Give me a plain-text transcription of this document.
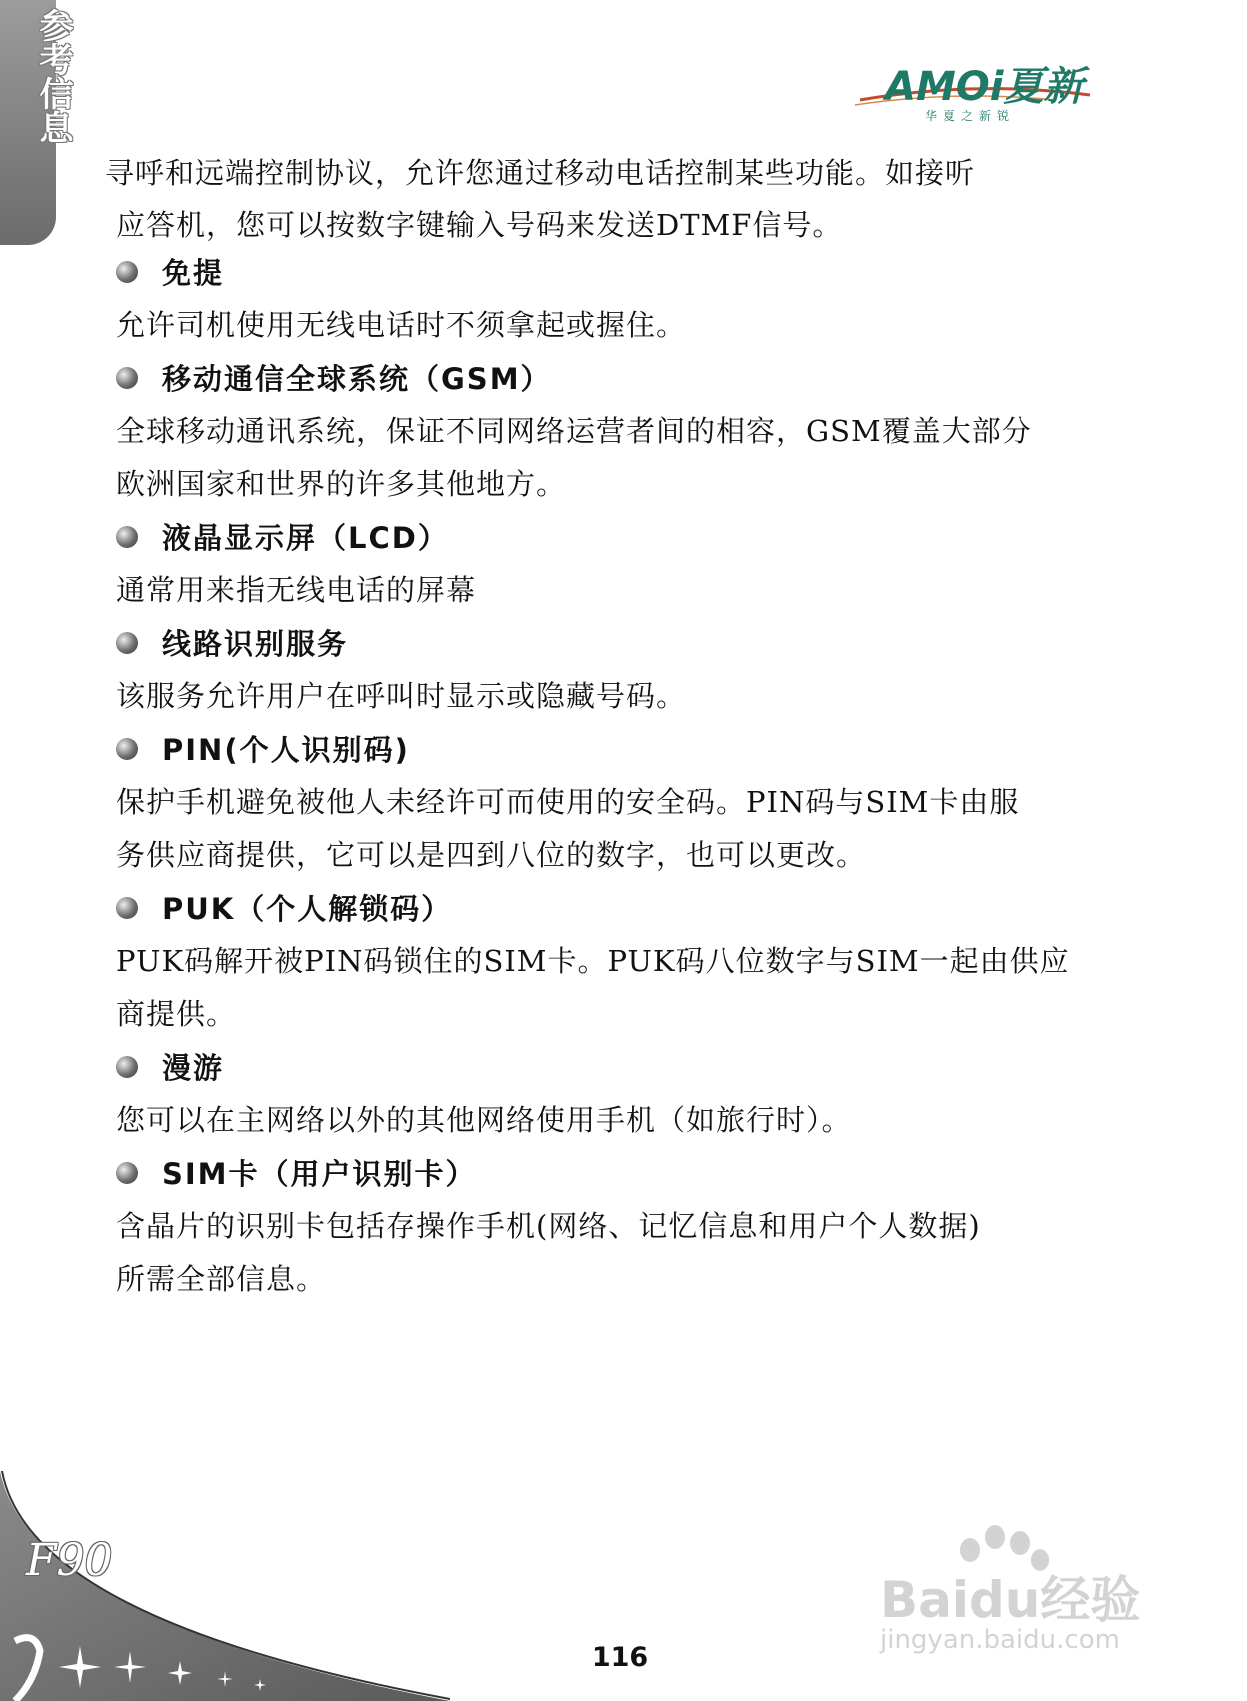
参考信息	AMOi夏新
华夏之新锐
寻呼和远端控制协议，允许您通过移动电话控制某些功能。如接听
应答机，您可以按数字键输入号码来发送DTMF信号。
免提
允许司机使用无线电话时不须拿起或握住。
移动通信全球系统（GSM）
全球移动通讯系统，保证不同网络运营者间的相容，GSM覆盖大部分
欧洲国家和世界的许多其他地方。
液晶显示屏（LCD）
通常用来指无线电话的屏幕
线路识别服务
该服务允许用户在呼叫时显示或隐藏号码。
PIN(个人识别码)
保护手机避免被他人未经许可而使用的安全码。PIN码与SIM卡由服
务供应商提供，它可以是四到八位的数字，也可以更改。
PUK（个人解锁码）
PUK码解开被PIN码锁住的SIM卡。PUK码八位数字与SIM一起由供应
商提供。
漫游
您可以在主网络以外的其他网络使用手机（如旅行时）。
SIM卡（用户识别卡）
含晶片的识别卡包括存操作手机(网络、记忆信息和用户个人数据)
所需全部信息。
F90
116
Baidu经验
jingyan.baidu.com
